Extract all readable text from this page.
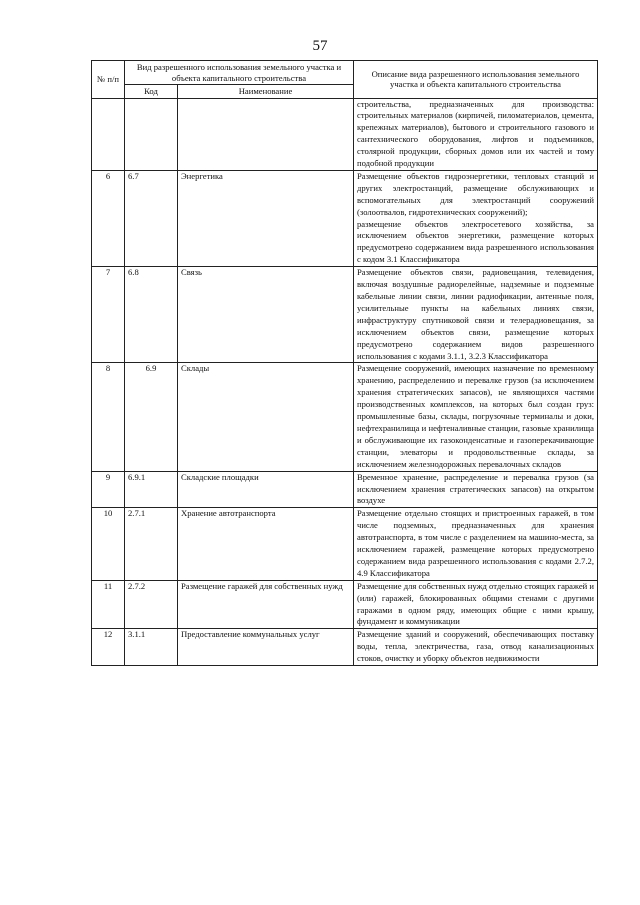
57
№ п/п	Вид разрешенного использования земельного участка и объекта капитального строительства		Описание вида разрешенного использования земельного участка и объекта капитального строительства
	Код	Наименование	

			строительства, предназначенных для производства: строительных материалов (кирпичей, пиломатериалов, цемента, крепежных материалов), бытового и строительного газового и сантехнического оборудования, лифтов и подъемников, столярной продукции, сборных домов или их частей и тому подобной продукции

6	6.7	Энергетика	Размещение объектов гидроэнергетики, тепловых станций и других электростанций, размещение обслуживающих и вспомогательных для электростанций сооружений (золоотвалов, гидротехнических сооружений);

размещение объектов электросетевого хозяйства, за исключением объектов энергетики, размещение которых предусмотрено содержанием вида разрешенного использования с кодом 3.1 Классификатора

7	6.8	Связь	Размещение объектов связи, радиовещания, телевидения, включая воздушные радиорелейные, надземные и подземные кабельные линии связи, линии радиофикации, антенные поля, усилительные пункты на кабельных линиях связи, инфраструктуру спутниковой связи и телерадиовещания, за исключением объектов связи, размещение которых предусмотрено содержанием видов разрешенного использования с кодами 3.1.1, 3.2.3 Классификатора

8	6.9	Склады	Размещение сооружений, имеющих назначение по временному хранению, распределению и перевалке грузов (за исключением хранения стратегических запасов), не являющихся частями производственных комплексов, на которых был создан груз: промышленные базы, склады, погрузочные терминалы и доки, нефтехранилища и нефтеналивные станции, газовые хранилища и обслуживающие их газоконденсатные и газоперекачивающие станции, элеваторы и продовольственные склады, за исключением железнодорожных перевалочных складов

9	6.9.1	Складские площадки	Временное хранение, распределение и перевалка грузов (за исключением хранения стратегических запасов) на открытом воздухе

10	2.7.1	Хранение автотранспорта	Размещение отдельно стоящих и пристроенных гаражей, в том числе подземных, предназначенных для хранения автотранспорта, в том числе с разделением на машино-места, за исключением гаражей, размещение которых предусмотрено содержанием вида разрешенного использования с кодами 2.7.2, 4.9 Классификатора

11	2.7.2	Размещение гаражей для собственных нужд	Размещение для собственных нужд отдельно стоящих гаражей и (или) гаражей, блокированных общими стенами с другими гаражами в одном ряду, имеющих общие с ними крышу, фундамент и коммуникации

12	3.1.1	Предоставление коммунальных услуг	Размещение зданий и сооружений, обеспечивающих поставку воды, тепла, электричества, газа, отвод канализационных стоков, очистку и уборку объектов недвижимости
